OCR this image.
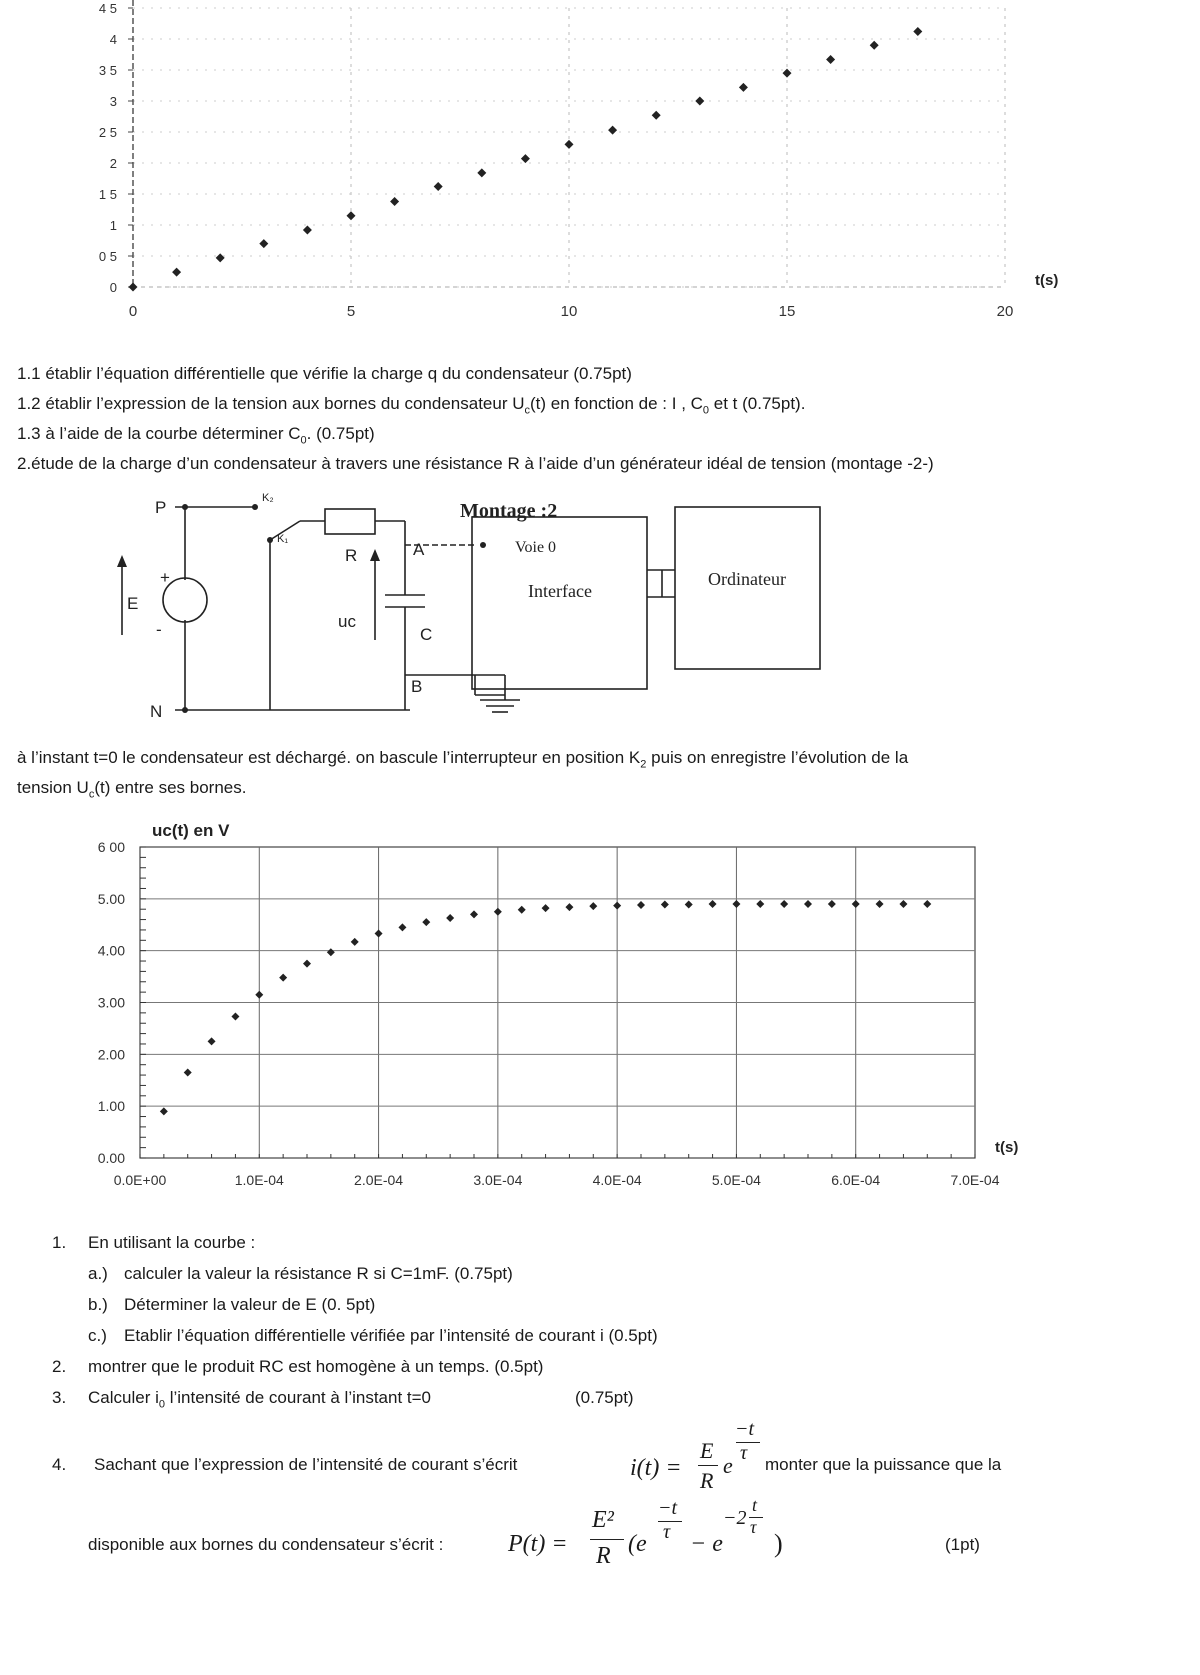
0
0 5
1
1 5
2
2 5
3
3 5
4
4 5
0	5	10	15	20
t(s)
1.1 établir l’équation différentielle que vérifie la charge q du condensateur (0.75pt)
1.2 établir l’expression de la tension aux bornes du condensateur $U_c(t)$ en fonction de : I , $C_0$ et t (0.75pt).
1.3 à l’aide de la courbe déterminer $C_0$. (0.75pt)
2.étude de la charge d’un condensateur à travers une résistance R à l’aide d’un générateur idéal de tension (montage -2-)
P
N
K₂
K₁
R	A
B
C
E
uc
+
-
Montage :2
Voie 0
Interface
Ordinateur
à l’instant t=0 le condensateur est déchargé. on bascule l’interrupteur en position $K_2$ puis on enregistre l’évolution de la
tension $U_c(t)$ entre ses bornes.
0.00
1.00
2.00
3.00
4.00
5.00
6 00
0.0E+00	1.0E-04	2.0E-04	3.0E-04	4.0E-04	5.0E-04	6.0E-04	7.0E-04
uc(t) en V
t(s)
1. En utilisant la courbe :
a.) calculer la valeur la résistance R si C=1mF. (0.75pt)
b.) Déterminer la valeur de E (0. 5pt)
c.) Etablir l’équation différentielle vérifiée par l’intensité de courant i (0.5pt)
2. montrer que le produit RC est homogène à un temps. (0.5pt)
3. Calculer $i_0$ l’intensité de courant à l’instant t=0	(0.75pt)
4. Sachant que l’expression de l’intensité de courant s’écrit	i(t) =
E
R
e
−t
τ
monter que la puissance que la
disponible aux bornes du condensateur s’écrit :	P(t) =
E²
R (e
−t
τ − e
−2
t
τ
)	(1pt)
